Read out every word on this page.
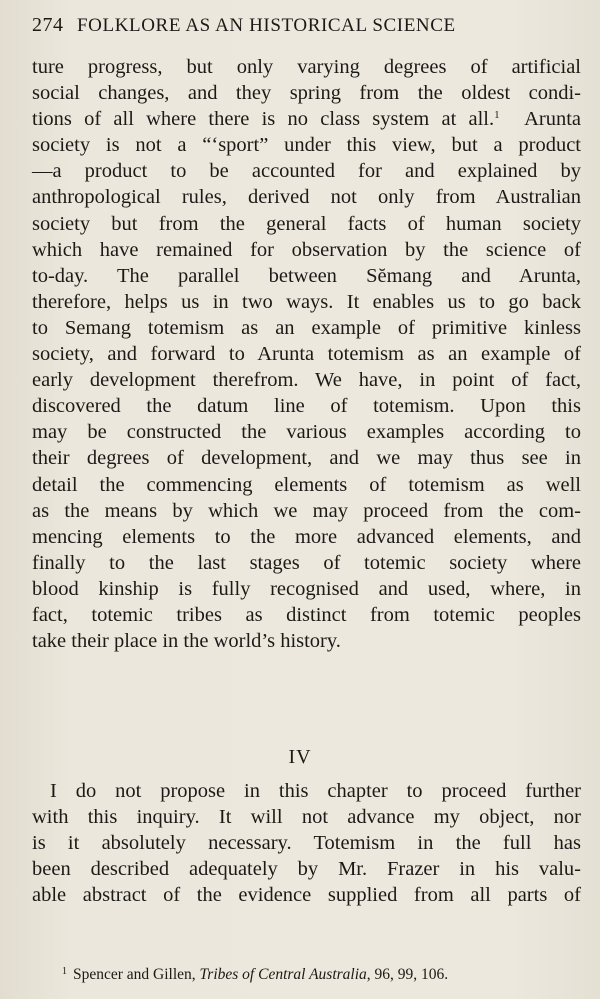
274 FOLKLORE AS AN HISTORICAL SCIENCE
ture progress, but only varying degrees of artificial
social changes, and they spring from the oldest condi-
tions of all where there is no class system at all.$^1$ Arunta
society is not a “‘sport” under this view, but a product
—a product to be accounted for and explained by
anthropological rules, derived not only from Australian
society but from the general facts of human society
which have remained for observation by the science of
to-day. The parallel between Sĕmang and Arunta,
therefore, helps us in two ways. It enables us to go back
to Semang totemism as an example of primitive kinless
society, and forward to Arunta totemism as an example of
early development therefrom. We have, in point of fact,
discovered the datum line of totemism. Upon this
may be constructed the various examples according to
their degrees of development, and we may thus see in
detail the commencing elements of totemism as well
as the means by which we may proceed from the com-
mencing elements to the more advanced elements, and
finally to the last stages of totemic society where
blood kinship is fully recognised and used, where, in
fact, totemic tribes as distinct from totemic peoples
take their place in the world’s history.
IV
I do not propose in this chapter to proceed further
with this inquiry. It will not advance my object, nor
is it absolutely necessary. Totemism in the full has
been described adequately by Mr. Frazer in his valu-
able abstract of the evidence supplied from all parts of
$^1$ Spencer and Gillen, Tribes of Central Australia, 96, 99, 106.
